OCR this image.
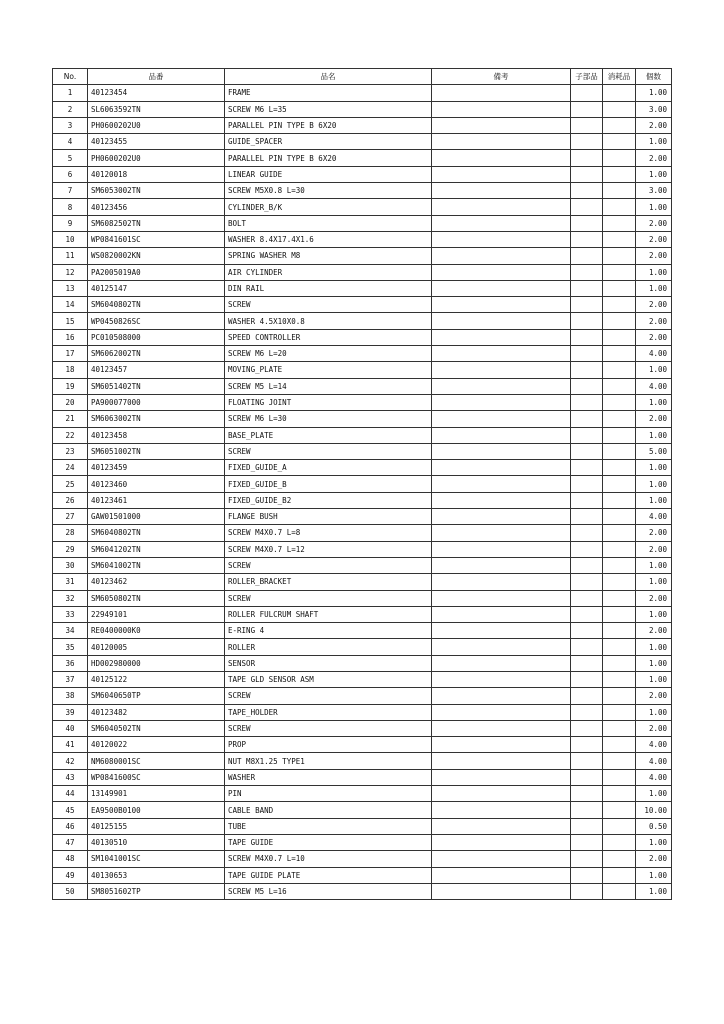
No.	品番	品名	備考	子部品	消耗品	個数
1	40123454	FRAME				1.00
2	SL6063592TN	SCREW M6 L=35				3.00
3	PH0600202U0	PARALLEL PIN TYPE B 6X20				2.00
4	40123455	GUIDE_SPACER				1.00
5	PH0600202U0	PARALLEL PIN TYPE B 6X20				2.00
6	40120018	LINEAR GUIDE				1.00
7	SM6053002TN	SCREW M5X0.8 L=30				3.00
8	40123456	CYLINDER_B/K				1.00
9	SM6082502TN	BOLT				2.00
10	WP0841601SC	WASHER 8.4X17.4X1.6				2.00
11	WS0820002KN	SPRING WASHER M8				2.00
12	PA2005019A0	AIR CYLINDER				1.00
13	40125147	DIN RAIL				1.00
14	SM6040802TN	SCREW				2.00
15	WP0450826SC	WASHER 4.5X10X0.8				2.00
16	PC010508000	SPEED CONTROLLER				2.00
17	SM6062002TN	SCREW M6 L=20				4.00
18	40123457	MOVING_PLATE				1.00
19	SM6051402TN	SCREW M5 L=14				4.00
20	PA900077000	FLOATING JOINT				1.00
21	SM6063002TN	SCREW M6 L=30				2.00
22	40123458	BASE_PLATE				1.00
23	SM6051002TN	SCREW				5.00
24	40123459	FIXED_GUIDE_A				1.00
25	40123460	FIXED_GUIDE_B				1.00
26	40123461	FIXED_GUIDE_B2				1.00
27	GAW01501000	FLANGE BUSH				4.00
28	SM6040802TN	SCREW M4X0.7 L=8				2.00
29	SM6041202TN	SCREW M4X0.7 L=12				2.00
30	SM6041002TN	SCREW				1.00
31	40123462	ROLLER_BRACKET				1.00
32	SM6050802TN	SCREW				2.00
33	22949101	ROLLER FULCRUM SHAFT				1.00
34	RE0400000K0	E-RING 4				2.00
35	40120005	ROLLER				1.00
36	HD002980000	SENSOR				1.00
37	40125122	TAPE GLD SENSOR ASM				1.00
38	SM6040650TP	SCREW				2.00
39	40123482	TAPE_HOLDER				1.00
40	SM6040502TN	SCREW				2.00
41	40120022	PROP				4.00
42	NM6080001SC	NUT M8X1.25 TYPE1				4.00
43	WP0841600SC	WASHER				4.00
44	13149901	PIN				1.00
45	EA9500B0100	CABLE BAND				10.00
46	40125155	TUBE				0.50
47	40130510	TAPE GUIDE				1.00
48	SM1041001SC	SCREW M4X0.7 L=10				2.00
49	40130653	TAPE GUIDE PLATE				1.00
50	SM8051602TP	SCREW M5 L=16				1.00
